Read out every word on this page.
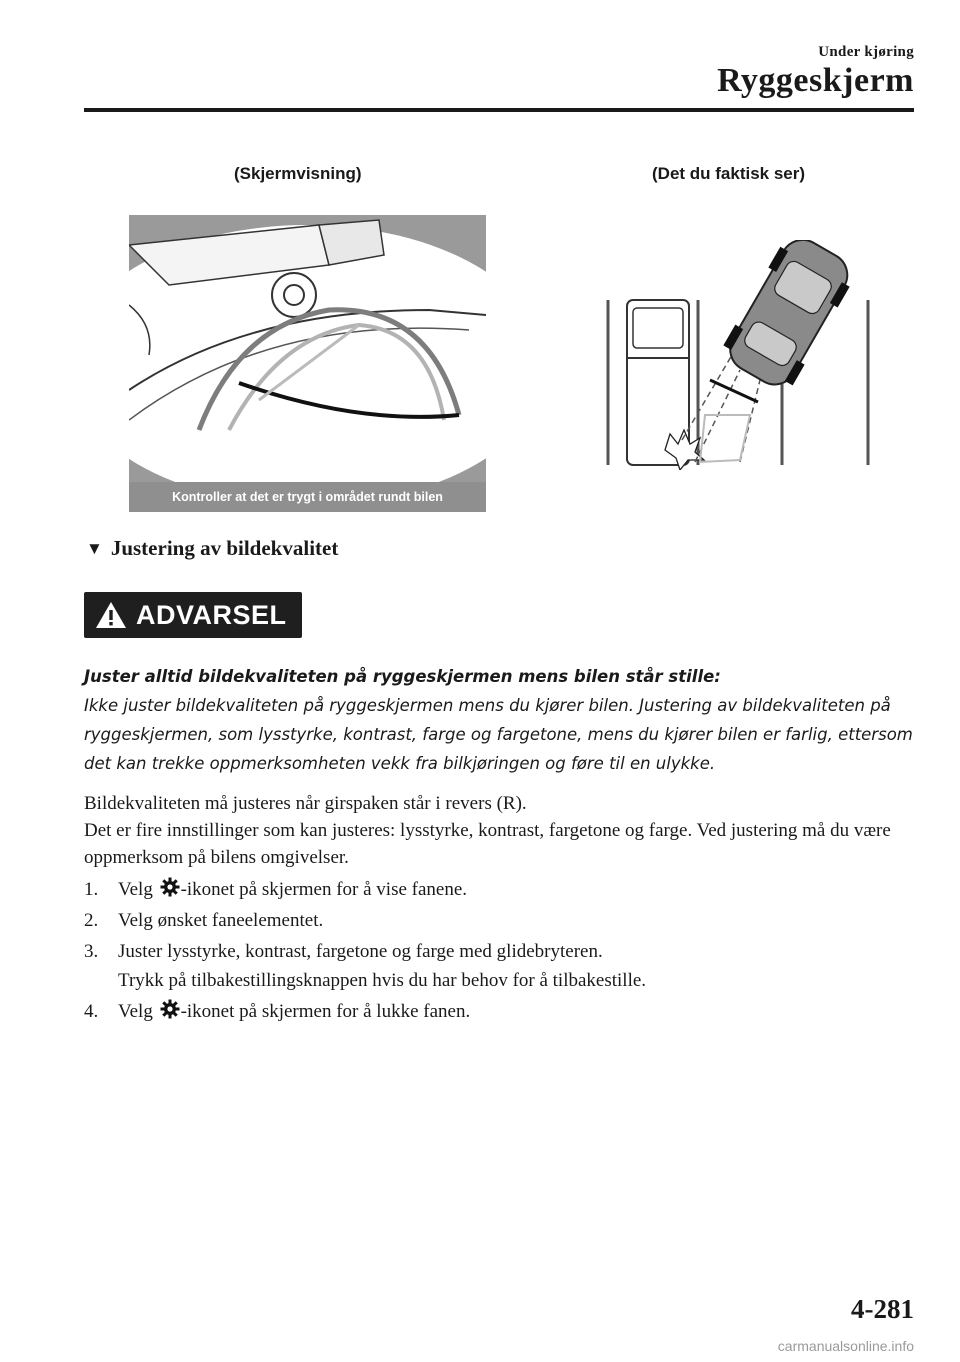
Under kjøring
Ryggeskjerm
(Skjermvisning)	(Det du faktisk ser)
Kontroller at det er trygt i området rundt bilen
▼ Justering av bildekvalitet
ADVARSEL
Juster alltid bildekvaliteten på ryggeskjermen mens bilen står stille:
Ikke juster bildekvaliteten på ryggeskjermen mens du kjører bilen. Justering av bildekvaliteten på ryggeskjermen, som lysstyrke, kontrast, farge og fargetone, mens du kjører bilen er farlig, ettersom det kan trekke oppmerksomheten vekk fra bilkjøringen og føre til en ulykke.

Bildekvaliteten må justeres når girspaken står i revers (R).

Det er fire innstillinger som kan justeres: lysstyrke, kontrast, fargetone og farge. Ved justering må du være oppmerksom på bilens omgivelser.

1. Velg -ikonet på skjermen for å vise fanene.
2. Velg ønsket faneelementet.
3. Juster lysstyrke, kontrast, fargetone og farge med glidebryteren.
Trykk på tilbakestillingsknappen hvis du har behov for å tilbakestille.
4. Velg -ikonet på skjermen for å lukke fanen.
4-281
carmanualsonline.info
